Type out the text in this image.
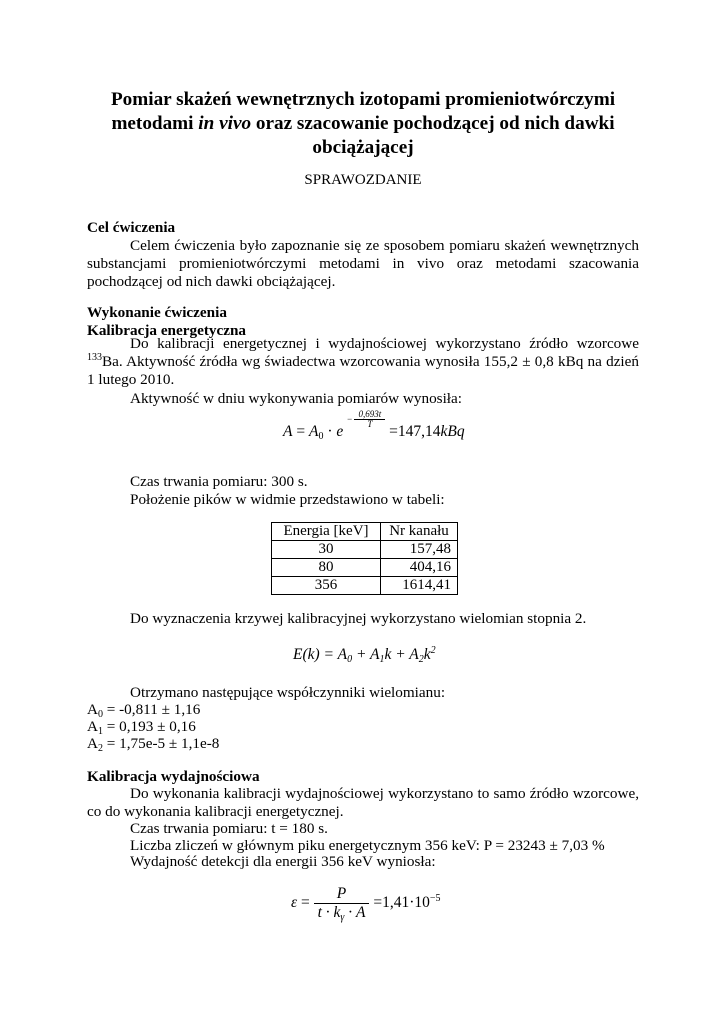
Pomiar skażeń wewnętrznych izotopami promieniotwórczymi
metodami in vivo oraz szacowanie pochodzącej od nich dawki
obciążającej
SPRAWOZDANIE
Cel ćwiczenia
Celem ćwiczenia było zapoznanie się ze sposobem pomiaru skażeń wewnętrznych substancjami promieniotwórczymi metodami in vivo oraz metodami szacowania pochodzącej od nich dawki obciążającej.
Wykonanie ćwiczenia
Kalibracja energetyczna
Do kalibracji energetycznej i wydajnościowej wykorzystano źródło wzorcowe $^{133}$Ba. Aktywność źródła wg świadectwa wzorcowania wynosiła 155,2 ± 0,8 kBq na dzień 1 lutego 2010.
Aktywność w dniu wykonywania pomiarów wynosiła:
$A = A_0 \cdot e - \frac{0,693t}{T}$
=147,14kBq
Czas trwania pomiaru: 300 s.
Położenie pików w widmie przedstawiono w tabeli:
Energia [keV]	Nr kanału
30	157,48
80	404,16
356	1614,41
Do wyznaczenia krzywej kalibracyjnej wykorzystano wielomian stopnia 2.
$E(k) = A_0 + A_1k + A_2k^2$
Otrzymano następujące współczynniki wielomianu:
$A_0 = -0,811 \pm 1,16$
$A_1 = 0,193 \pm 0,16$
$A_2 = 1,75e-5 \pm 1,1e-8$
Kalibracja wydajnościowa
Do wykonania kalibracji wydajnościowej wykorzystano to samo źródło wzorcowe, co do wykonania kalibracji energetycznej.
Czas trwania pomiaru: t = 180 s.
Liczba zliczeń w głównym piku energetycznym 356 keV: P = 23243 ± 7,03 %
Wydajność detekcji dla energii 356 keV wyniosła:
$\varepsilon = \frac{P}{t \cdot k_\gamma \cdot A} =1,41\cdot 10^{-5}$
